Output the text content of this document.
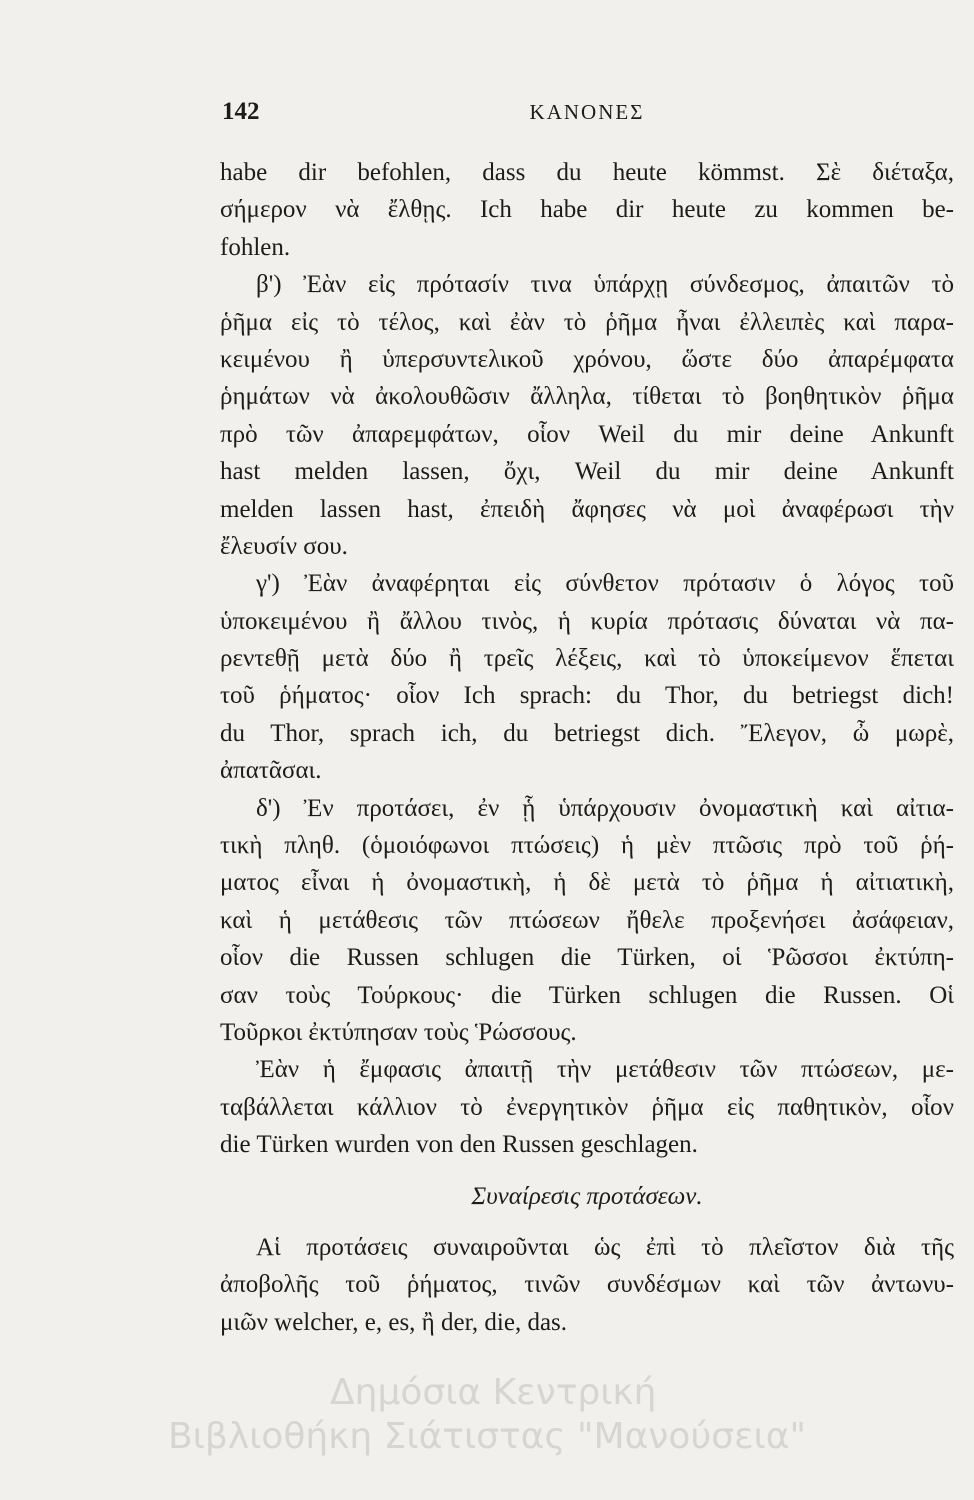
142	ΚΑΝΟΝΕΣ
habe dir befohlen, dass du heute kömmst. Σὲ διέταξα,
σήμερον νὰ ἔλθῃς. Ich habe dir heute zu kommen be-
fohlen.
β') Ἐὰν εἰς πρότασίν τινα ὑπάρχῃ σύνδεσμος, ἀπαιτῶν τὸ
ῥῆμα εἰς τὸ τέλος, καὶ ἐὰν τὸ ῥῆμα ἦναι ἐλλειπὲς καὶ παρα-
κειμένου ἢ ὑπερσυντελικοῦ χρόνου, ὥστε δύο ἀπαρέμφατα
ῥημάτων νὰ ἀκολουθῶσιν ἄλληλα, τίθεται τὸ βοηθητικὸν ῥῆμα
πρὸ τῶν ἀπαρεμφάτων, οἷον Weil du mir deine Ankunft
hast melden lassen, ὄχι, Weil du mir deine Ankunft
melden lassen hast, ἐπειδὴ ἄφησες νὰ μοὶ ἀναφέρωσι τὴν
ἔλευσίν σου.
γ') Ἐὰν ἀναφέρηται εἰς σύνθετον πρότασιν ὁ λόγος τοῦ
ὑποκειμένου ἢ ἄλλου τινὸς, ἡ κυρία πρότασις δύναται νὰ πα-
ρεντεθῇ μετὰ δύο ἢ τρεῖς λέξεις, καὶ τὸ ὑποκείμενον ἕπεται
τοῦ ῥήματος· οἷον Ich sprach: du Thor, du betriegst dich!
du Thor, sprach ich, du betriegst dich. Ἔλεγον, ὦ μωρὲ,
ἀπατᾶσαι.
δ') Ἐν προτάσει, ἐν ᾗ ὑπάρχουσιν ὀνομαστικὴ καὶ αἰτια-
τικὴ πληθ. (ὁμοιόφωνοι πτώσεις) ἡ μὲν πτῶσις πρὸ τοῦ ῥή-
ματος εἶναι ἡ ὀνομαστικὴ, ἡ δὲ μετὰ τὸ ῥῆμα ἡ αἰτιατικὴ,
καὶ ἡ μετάθεσις τῶν πτώσεων ἤθελε προξενήσει ἀσάφειαν,
οἷον die Russen schlugen die Türken, οἱ Ῥῶσσοι ἐκτύπη-
σαν τοὺς Τούρκους· die Türken schlugen die Russen. Οἱ
Τοῦρκοι ἐκτύπησαν τοὺς Ῥώσσους.
Ἐὰν ἡ ἔμφασις ἀπαιτῇ τὴν μετάθεσιν τῶν πτώσεων, με-
ταβάλλεται κάλλιον τὸ ἐνεργητικὸν ῥῆμα εἰς παθητικὸν, οἷον
die Türken wurden von den Russen geschlagen.
Συναίρεσις προτάσεων.
Αἱ προτάσεις συναιροῦνται ὡς ἐπὶ τὸ πλεῖστον διὰ τῆς
ἀποβολῆς τοῦ ῥήματος, τινῶν συνδέσμων καὶ τῶν ἀντωνυ-
μιῶν welcher, e, es, ἢ der, die, das.
Δημόσια Κεντρική
Βιβλιοθήκη Σιάτιστας "Μανούσεια"
